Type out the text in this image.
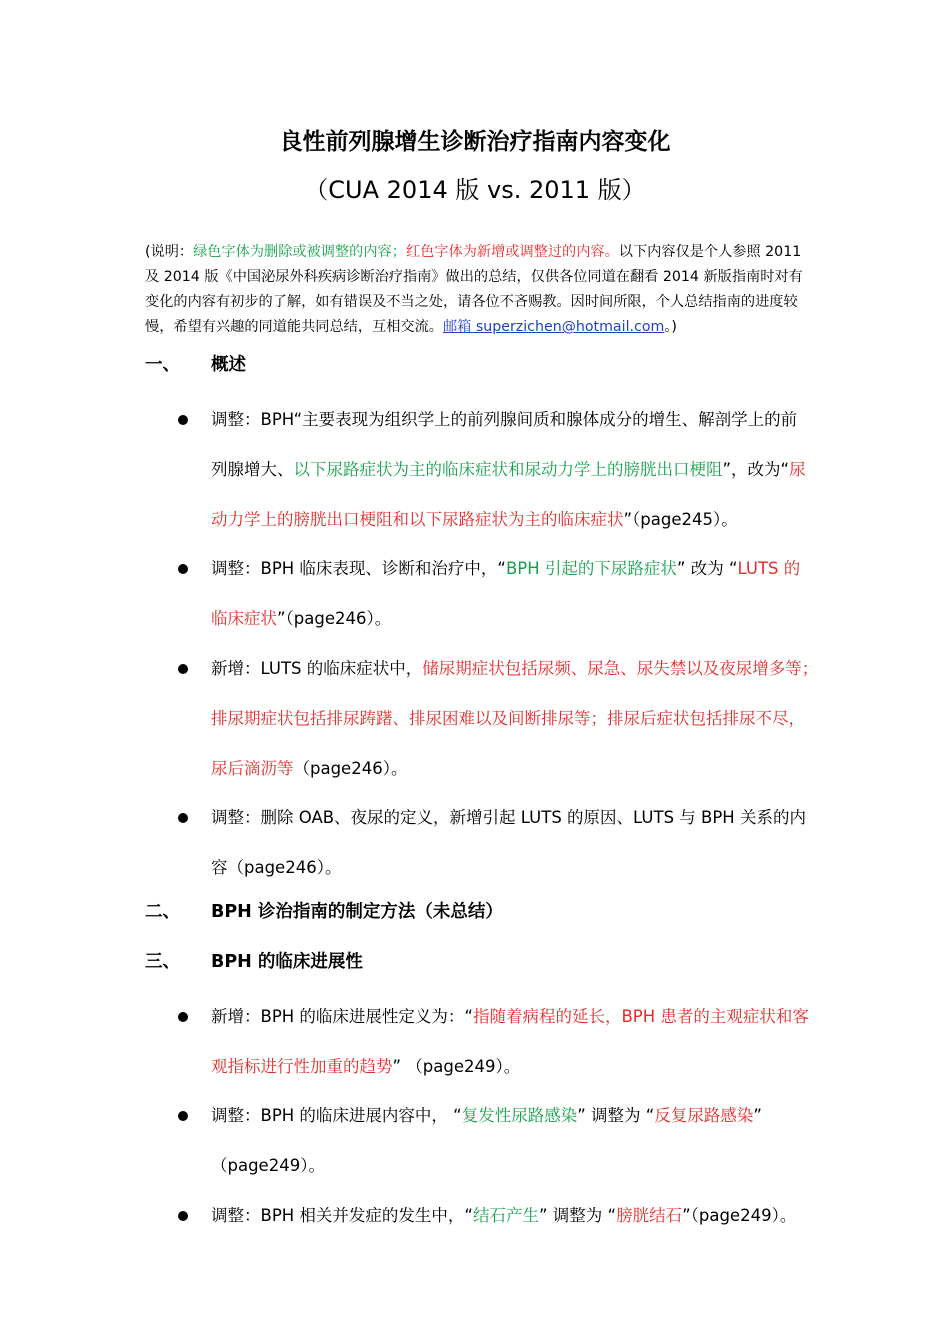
良性前列腺增生诊断治疗指南内容变化
（CUA 2014 版 vs. 2011 版）
(说明：绿色字体为删除或被调整的内容；红色字体为新增或调整过的内容。以下内容仅是个人参照 2011
及 2014 版《中国泌尿外科疾病诊断治疗指南》做出的总结，仅供各位同道在翻看 2014 新版指南时对有
变化的内容有初步的了解，如有错误及不当之处，请各位不吝赐教。因时间所限，个人总结指南的进度较
慢，希望有兴趣的同道能共同总结，互相交流。邮箱 superzichen@hotmail.com。)
一、 概述
调整：BPH“主要表现为组织学上的前列腺间质和腺体成分的增生、解剖学上的前
列腺增大、以下尿路症状为主的临床症状和尿动力学上的膀胱出口梗阻”，改为“尿
动力学上的膀胱出口梗阻和以下尿路症状为主的临床症状”（page245）。
调整：BPH 临床表现、诊断和治疗中，“BPH 引起的下尿路症状” 改为 “LUTS 的
临床症状”（page246）。
新增：LUTS 的临床症状中，储尿期症状包括尿频、尿急、尿失禁以及夜尿增多等；
排尿期症状包括排尿踌躇、排尿困难以及间断排尿等；排尿后症状包括排尿不尽，
尿后滴沥等（page246）。
调整：删除 OAB、夜尿的定义，新增引起 LUTS 的原因、LUTS 与 BPH 关系的内
容（page246）。
二、 BPH 诊治指南的制定方法（未总结）
三、 BPH 的临床进展性
新增：BPH 的临床进展性定义为：“指随着病程的延长，BPH 患者的主观症状和客
观指标进行性加重的趋势” （page249）。
调整：BPH 的临床进展内容中， “复发性尿路感染” 调整为 “反复尿路感染”
（page249）。
调整：BPH 相关并发症的发生中，“结石产生” 调整为 “膀胱结石”（page249）。
